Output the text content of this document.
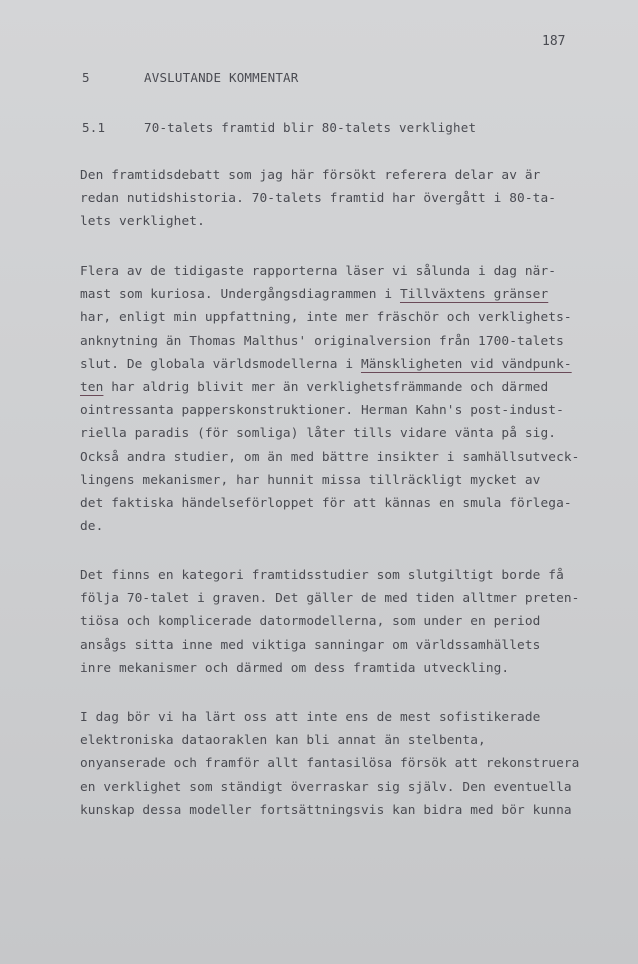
187
5	AVSLUTANDE KOMMENTAR
5.1	70-talets framtid blir 80-talets verklighet
Den framtidsdebatt som jag här försökt referera delar av är
redan nutidshistoria. 70-talets framtid har övergått i 80-ta-
lets verklighet.
Flera av de tidigaste rapporterna läser vi sålunda i dag när-
mast som kuriosa. Undergångsdiagrammen i Tillväxtens gränser
har, enligt min uppfattning, inte mer fräschör och verklighets-
anknytning än Thomas Malthus' originalversion från 1700-talets
slut. De globala världsmodellerna i Mänskligheten vid vändpunk-
ten har aldrig blivit mer än verklighetsfrämmande och därmed
ointressanta papperskonstruktioner. Herman Kahn's post-indust-
riella paradis (för somliga) låter tills vidare vänta på sig.
Också andra studier, om än med bättre insikter i samhällsutveck-
lingens mekanismer, har hunnit missa tillräckligt mycket av
det faktiska händelseförloppet för att kännas en smula förlega-
de.
Det finns en kategori framtidsstudier som slutgiltigt borde få
följa 70-talet i graven. Det gäller de med tiden alltmer preten-
tiösa och komplicerade datormodellerna, som under en period
ansågs sitta inne med viktiga sanningar om världssamhällets
inre mekanismer och därmed om dess framtida utveckling.
I dag bör vi ha lärt oss att inte ens de mest sofistikerade
elektroniska dataoraklen kan bli annat än stelbenta,
onyanserade och framför allt fantasilösa försök att rekonstruera
en verklighet som ständigt överraskar sig själv. Den eventuella
kunskap dessa modeller fortsättningsvis kan bidra med bör kunna
